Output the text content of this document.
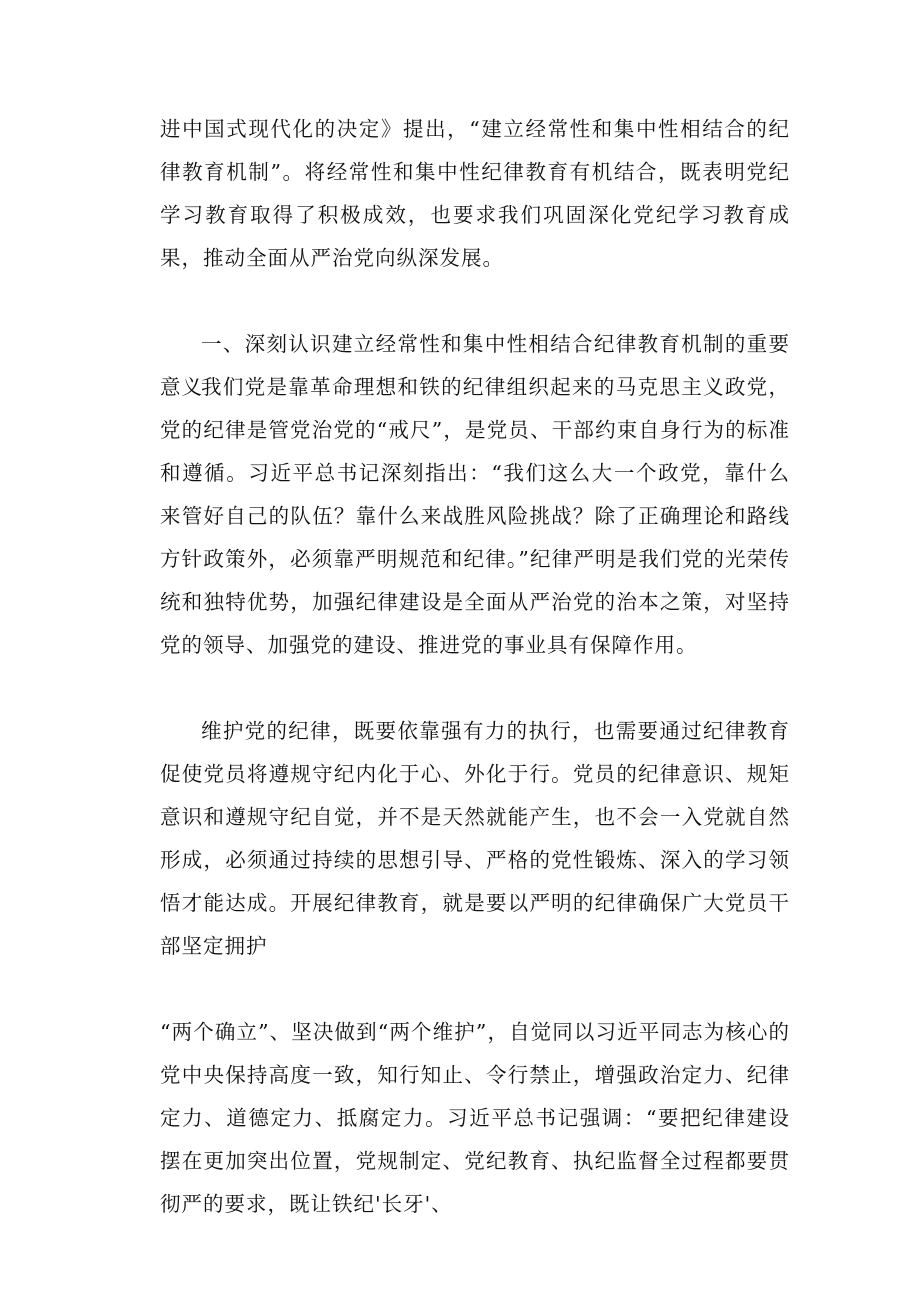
进中国式现代化的决定》提出，“建立经常性和集中性相结合的纪律教育机制”。将经常性和集中性纪律教育有机结合，既表明党纪学习教育取得了积极成效，也要求我们巩固深化党纪学习教育成果，推动全面从严治党向纵深发展。

一、深刻认识建立经常性和集中性相结合纪律教育机制的重要意义

我们党是靠革命理想和铁的纪律组织起来的马克思主义政党，党的纪律是管党治党的“戒尺”，是党员、干部约束自身行为的标准和遵循。习近平总书记深刻指出：“我们这么大一个政党，靠什么来管好自己的队伍？靠什么来战胜风险挑战？除了正确理论和路线方针政策外，必须靠严明规范和纪律。”纪律严明是我们党的光荣传统和独特优势，加强纪律建设是全面从严治党的治本之策，对坚持党的领导、加强党的建设、推进党的事业具有保障作用。

维护党的纪律，既要依靠强有力的执行，也需要通过纪律教育促使党员将遵规守纪内化于心、外化于行。党员的纪律意识、规矩意识和遵规守纪自觉，并不是天然就能产生，也不会一入党就自然形成，必须通过持续的思想引导、严格的党性锻炼、深入的学习领悟才能达成。开展纪律教育，就是要以严明的纪律确保广大党员干部坚定拥护

“两个确立”、坚决做到“两个维护”，自觉同以习近平同志为核心的党中央保持高度一致，知行知止、令行禁止，增强政治定力、纪律定力、道德定力、抵腐定力。习近平总书记强调：“要把纪律建设摆在更加突出位置，党规制定、党纪教育、执纪监督全过程都要贯彻严的要求，既让铁纪'长牙'、
